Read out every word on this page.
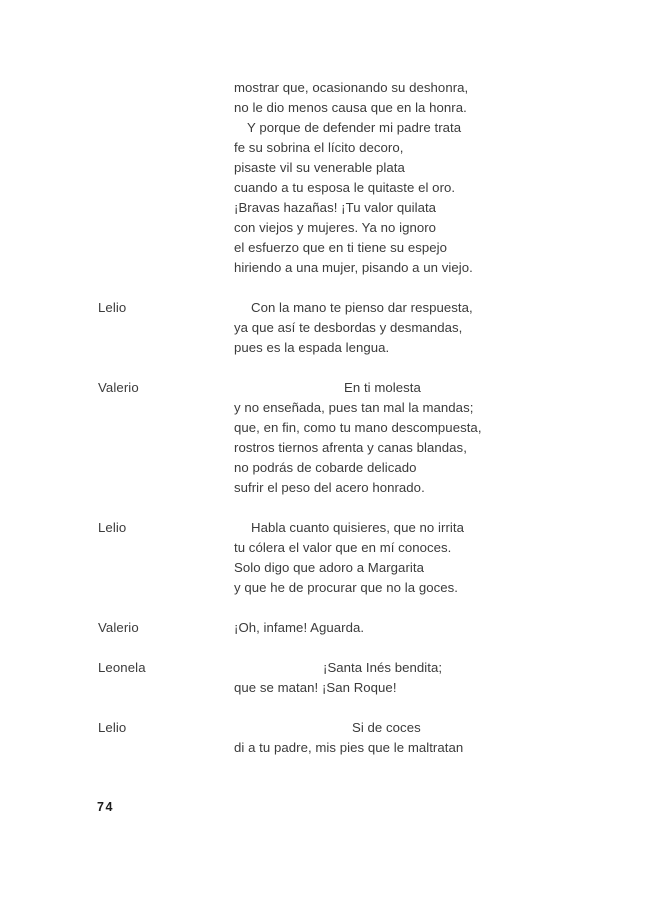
mostrar que, ocasionando su deshonra,
no le dio menos causa que en la honra.
Y porque de defender mi padre trata
fe su sobrina el lícito decoro,
pisaste vil su venerable plata
cuando a tu esposa le quitaste el oro.
¡Bravas hazañas! ¡Tu valor quilata
con viejos y mujeres. Ya no ignoro
el esfuerzo que en ti tiene su espejo
hiriendo a una mujer, pisando a un viejo.
Lelio	Con la mano te pienso dar respuesta,
ya que así te desbordas y desmandas,
pues es la espada lengua.
Valerio	En ti molesta
y no enseñada, pues tan mal la mandas;
que, en fin, como tu mano descompuesta,
rostros tiernos afrenta y canas blandas,
no podrás de cobarde delicado
sufrir el peso del acero honrado.
Lelio	Habla cuanto quisieres, que no irrita
tu cólera el valor que en mí conoces.
Solo digo que adoro a Margarita
y que he de procurar que no la goces.
Valerio	¡Oh, infame! Aguarda.
Leonela	¡Santa Inés bendita;
que se matan! ¡San Roque!
Lelio	Si de coces
di a tu padre, mis pies que le maltratan
74
